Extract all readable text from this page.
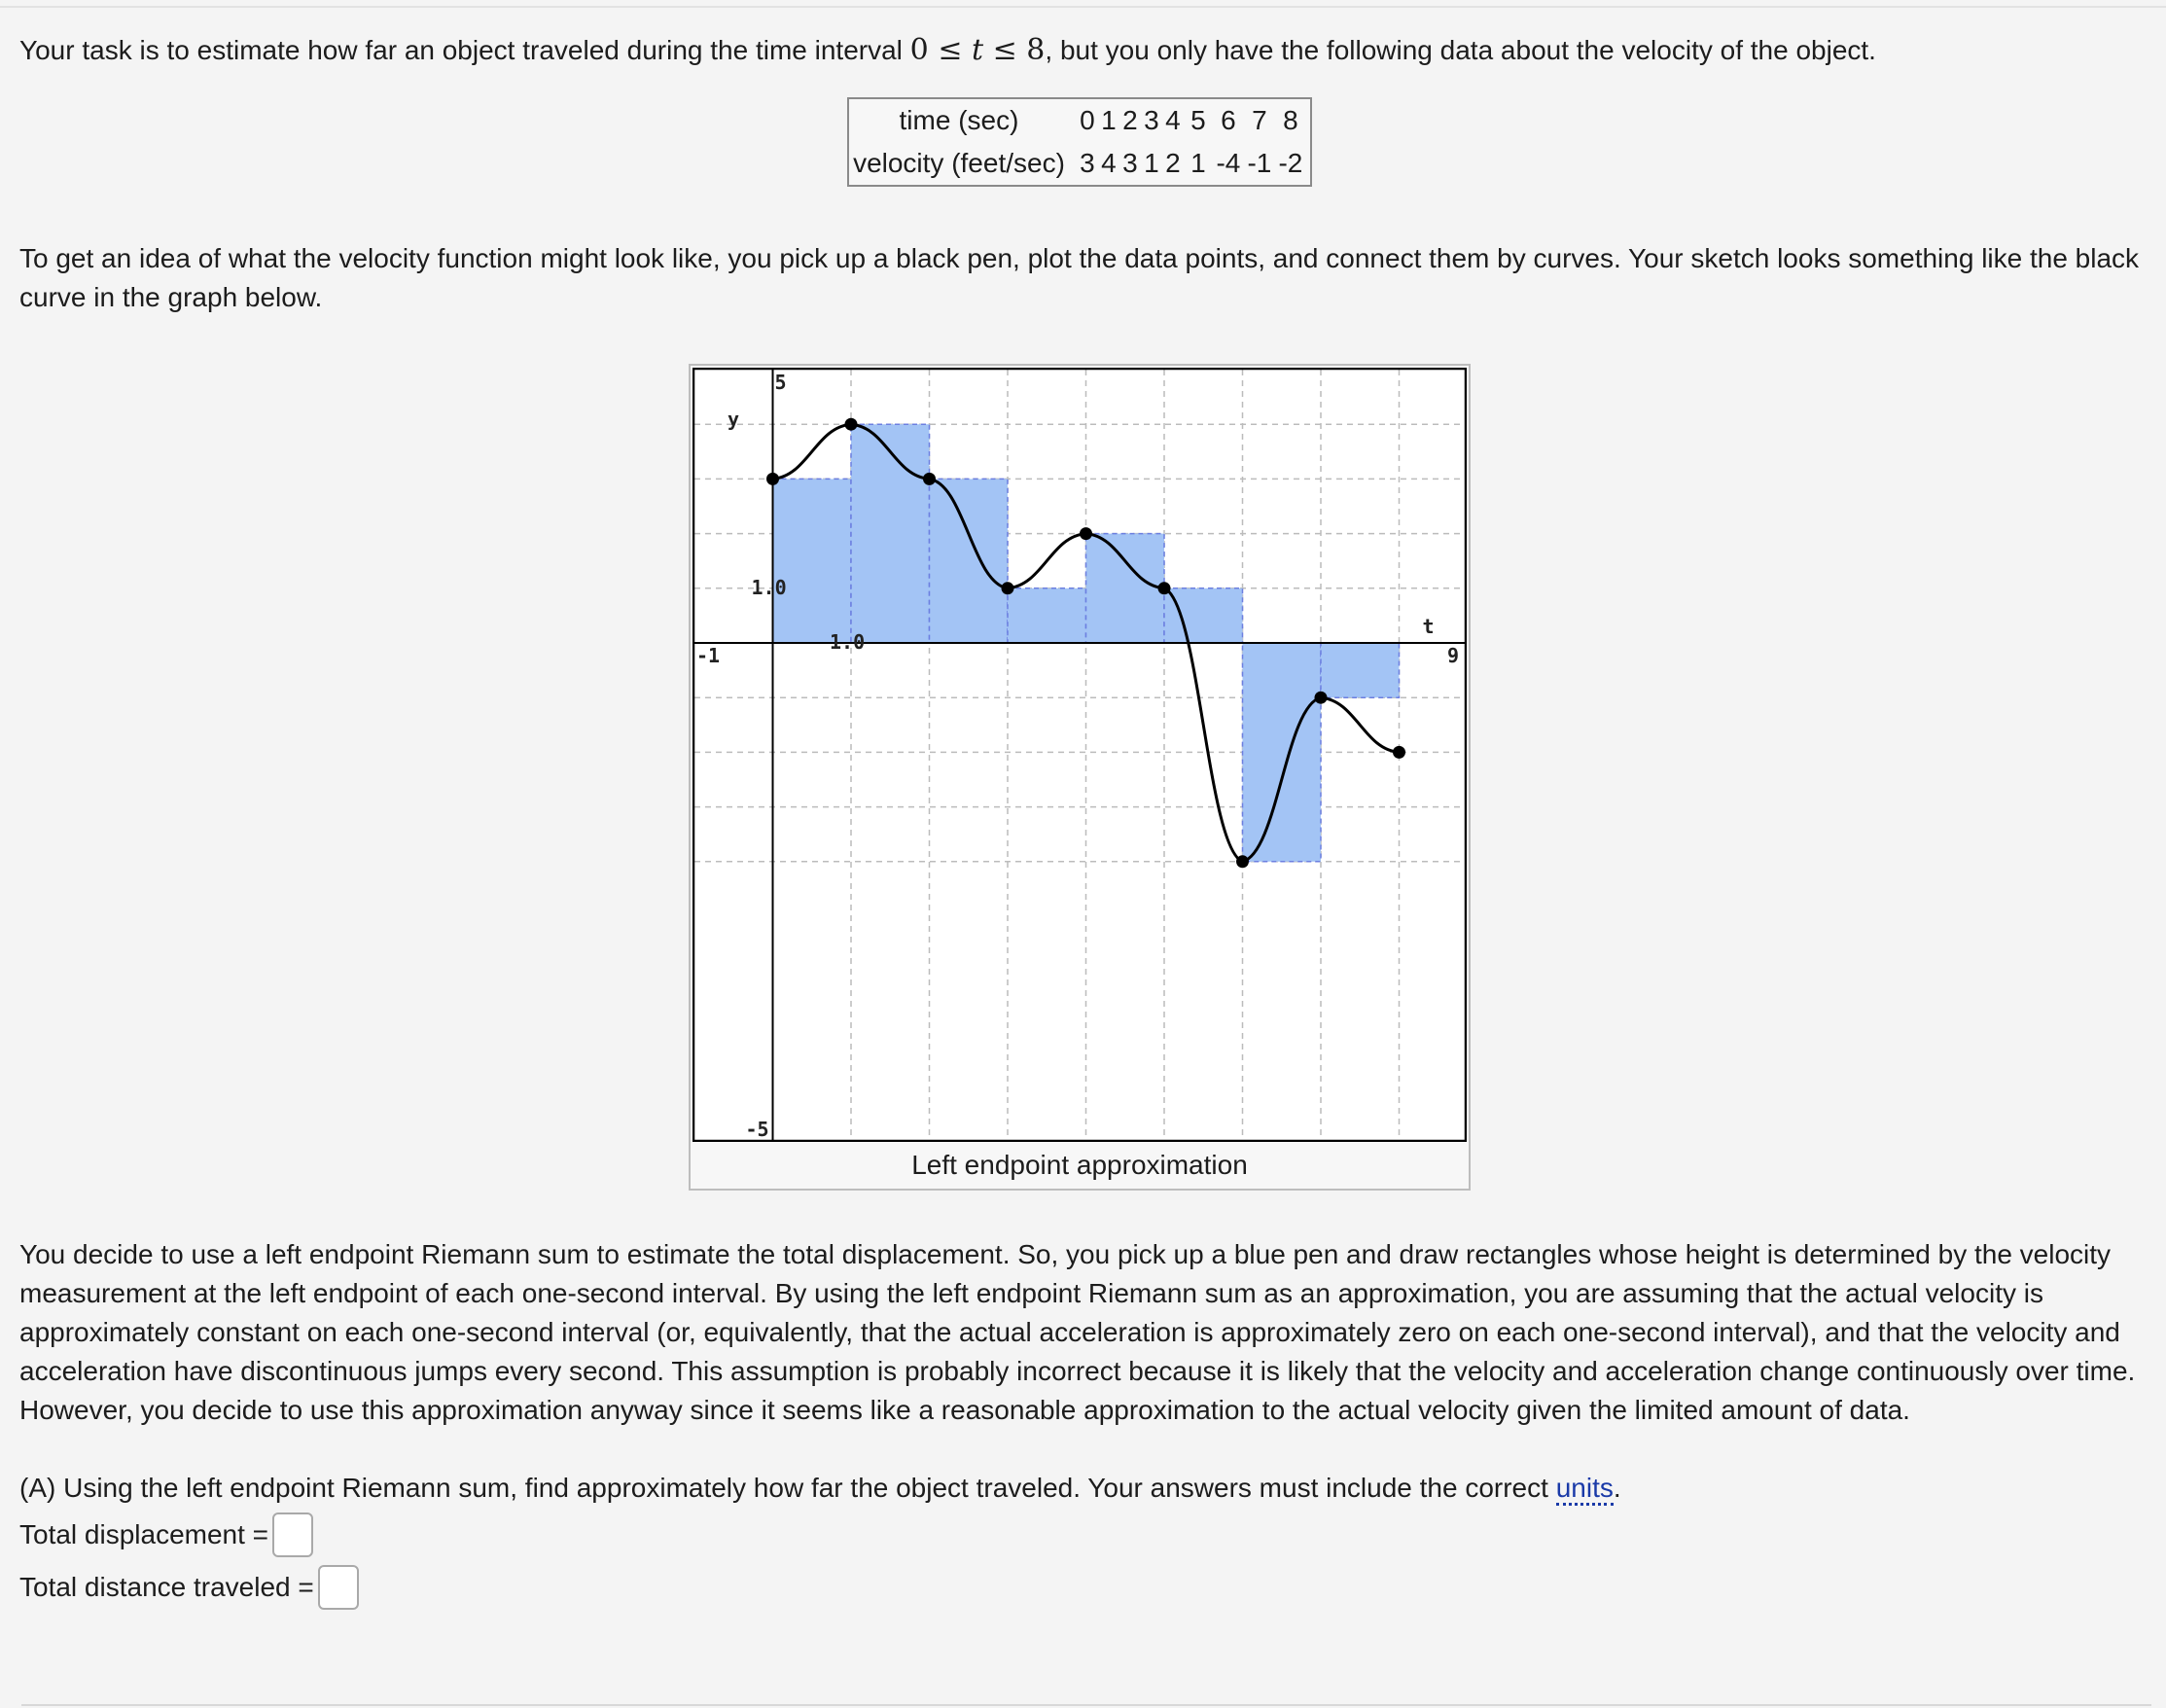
Your task is to estimate how far an object traveled during the time interval 0 ≤ t ≤ 8, but you only have the following data about the velocity of the object.

time (sec)	0 1 2 3 4 5 6 7 8
velocity (feet/sec)	3 4 3 1 2 1 -4 -1 -2

To get an idea of what the velocity function might look like, you pick up a black pen, plot the data points, and connect them by curves. Your sketch looks something like the black curve in the graph below.

5
y
1.0
-5
-1
1.0
9
t
Left endpoint approximation

You decide to use a left endpoint Riemann sum to estimate the total displacement. So, you pick up a blue pen and draw rectangles whose height is determined by the velocity measurement at the left endpoint of each one-second interval. By using the left endpoint Riemann sum as an approximation, you are assuming that the actual velocity is approximately constant on each one-second interval (or, equivalently, that the actual acceleration is approximately zero on each one-second interval), and that the velocity and acceleration have discontinuous jumps every second. This assumption is probably incorrect because it is likely that the velocity and acceleration change continuously over time. However, you decide to use this approximation anyway since it seems like a reasonable approximation to the actual velocity given the limited amount of data.

(A) Using the left endpoint Riemann sum, find approximately how far the object traveled. Your answers must include the correct units.

Total displacement =
Total distance traveled =
